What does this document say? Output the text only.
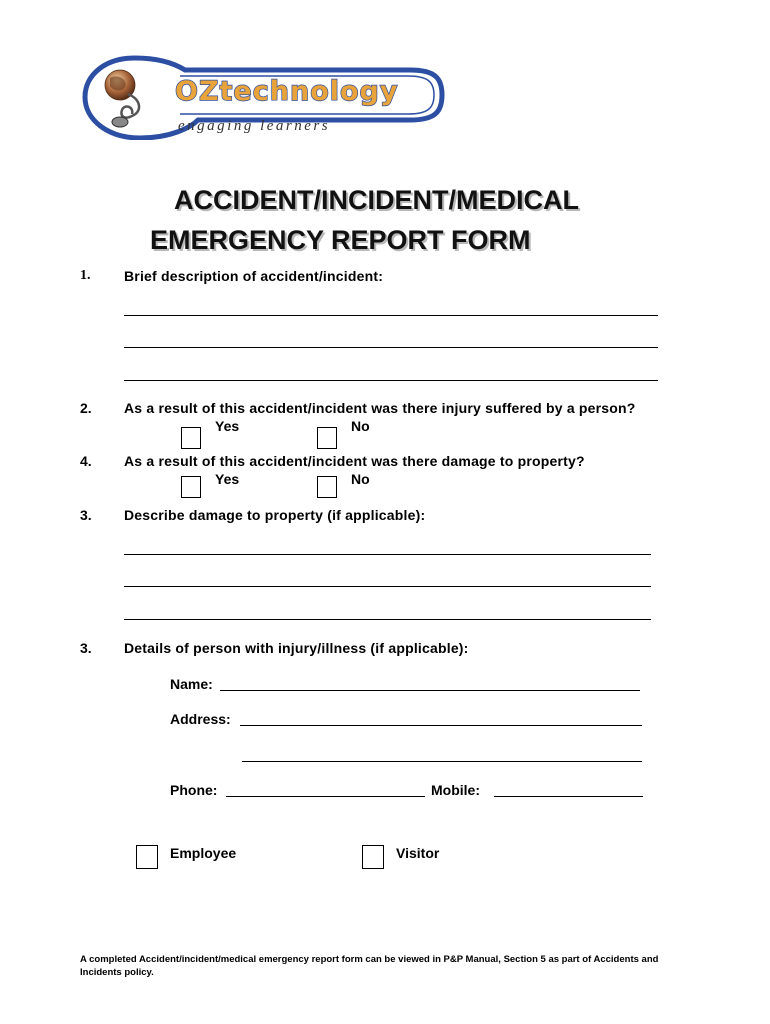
OZtechnology
engaging learners
ACCIDENT/INCIDENT/MEDICAL
EMERGENCY REPORT FORM
1. Brief description of accident/incident:
2. As a result of this accident/incident was there injury suffered by a person?
Yes	No
4. As a result of this accident/incident was there damage to property?
Yes	No
3. Describe damage to property (if applicable):
3. Details of person with injury/illness (if applicable):
Name:
Address:
Phone:	Mobile:
Employee	Visitor
A completed Accident/incident/medical emergency report form can be viewed in P&P Manual, Section 5 as part of Accidents and Incidents policy.
